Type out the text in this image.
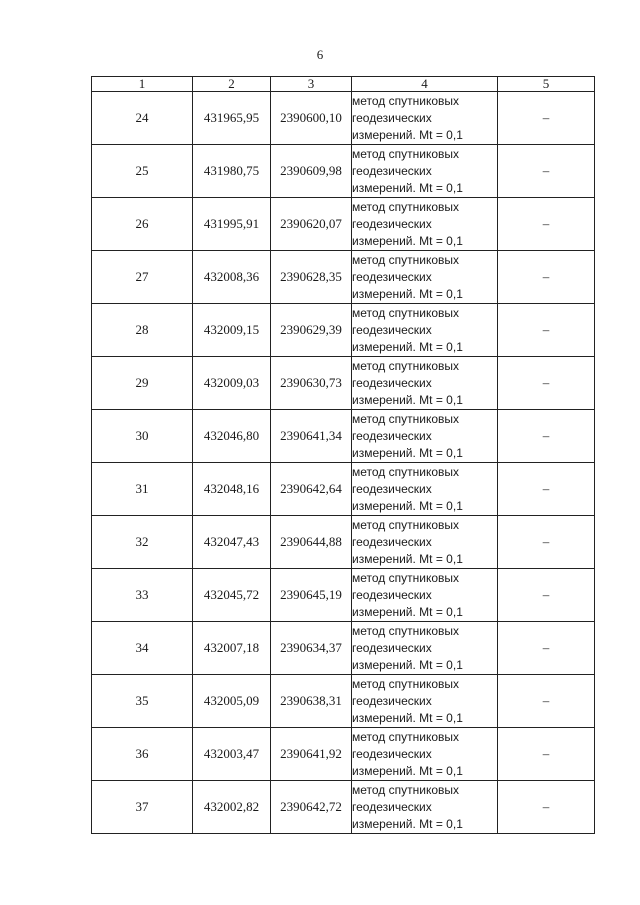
6
1	2	3	4	5
24	431965,95	2390600,10	метод спутниковых
геодезических
измерений. Mt = 0,1	–
25	431980,75	2390609,98	метод спутниковых
геодезических
измерений. Mt = 0,1	–
26	431995,91	2390620,07	метод спутниковых
геодезических
измерений. Mt = 0,1	–
27	432008,36	2390628,35	метод спутниковых
геодезических
измерений. Mt = 0,1	–
28	432009,15	2390629,39	метод спутниковых
геодезических
измерений. Mt = 0,1	–
29	432009,03	2390630,73	метод спутниковых
геодезических
измерений. Mt = 0,1	–
30	432046,80	2390641,34	метод спутниковых
геодезических
измерений. Mt = 0,1	–
31	432048,16	2390642,64	метод спутниковых
геодезических
измерений. Mt = 0,1	–
32	432047,43	2390644,88	метод спутниковых
геодезических
измерений. Mt = 0,1	–
33	432045,72	2390645,19	метод спутниковых
геодезических
измерений. Mt = 0,1	–
34	432007,18	2390634,37	метод спутниковых
геодезических
измерений. Mt = 0,1	–
35	432005,09	2390638,31	метод спутниковых
геодезических
измерений. Mt = 0,1	–
36	432003,47	2390641,92	метод спутниковых
геодезических
измерений. Mt = 0,1	–
37	432002,82	2390642,72	метод спутниковых
геодезических
измерений. Mt = 0,1	–
